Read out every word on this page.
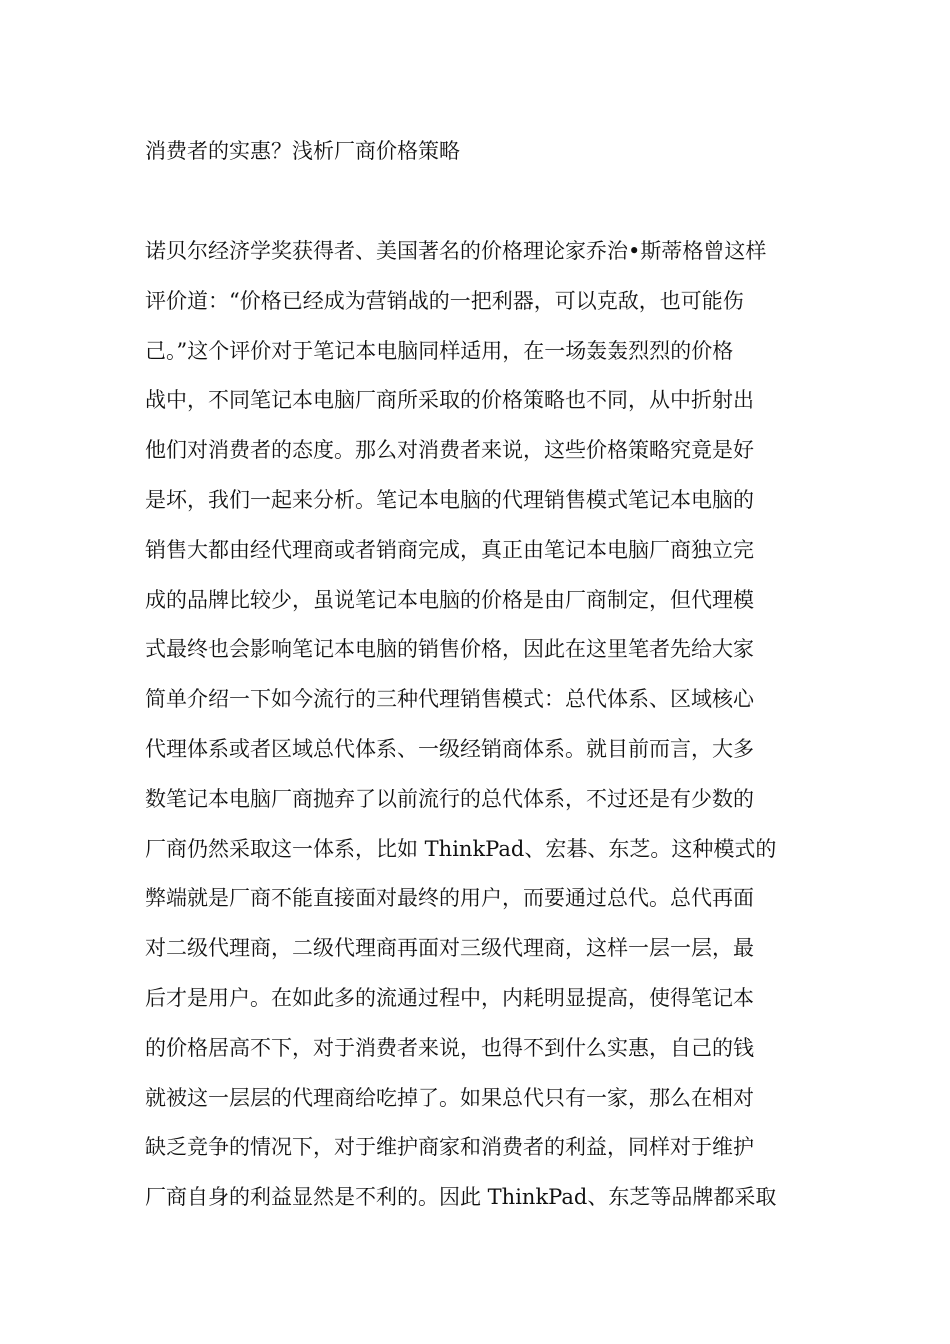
消费者的实惠？浅析厂商价格策略
诺贝尔经济学奖获得者、美国著名的价格理论家乔治•斯蒂格曾这样
评价道：“价格已经成为营销战的一把利器，可以克敌，也可能伤
己。”这个评价对于笔记本电脑同样适用，在一场轰轰烈烈的价格
战中，不同笔记本电脑厂商所采取的价格策略也不同，从中折射出
他们对消费者的态度。那么对消费者来说，这些价格策略究竟是好
是坏，我们一起来分析。笔记本电脑的代理销售模式笔记本电脑的
销售大都由经代理商或者销商完成，真正由笔记本电脑厂商独立完
成的品牌比较少，虽说笔记本电脑的价格是由厂商制定，但代理模
式最终也会影响笔记本电脑的销售价格，因此在这里笔者先给大家
简单介绍一下如今流行的三种代理销售模式：总代体系、区域核心
代理体系或者区域总代体系、一级经销商体系。就目前而言，大多
数笔记本电脑厂商抛弃了以前流行的总代体系，不过还是有少数的
厂商仍然采取这一体系，比如 ThinkPad、宏碁、东芝。这种模式的
弊端就是厂商不能直接面对最终的用户，而要通过总代。总代再面
对二级代理商，二级代理商再面对三级代理商，这样一层一层，最
后才是用户。在如此多的流通过程中，内耗明显提高，使得笔记本
的价格居高不下，对于消费者来说，也得不到什么实惠，自己的钱
就被这一层层的代理商给吃掉了。如果总代只有一家，那么在相对
缺乏竞争的情况下，对于维护商家和消费者的利益，同样对于维护
厂商自身的利益显然是不利的。因此 ThinkPad、东芝等品牌都采取
